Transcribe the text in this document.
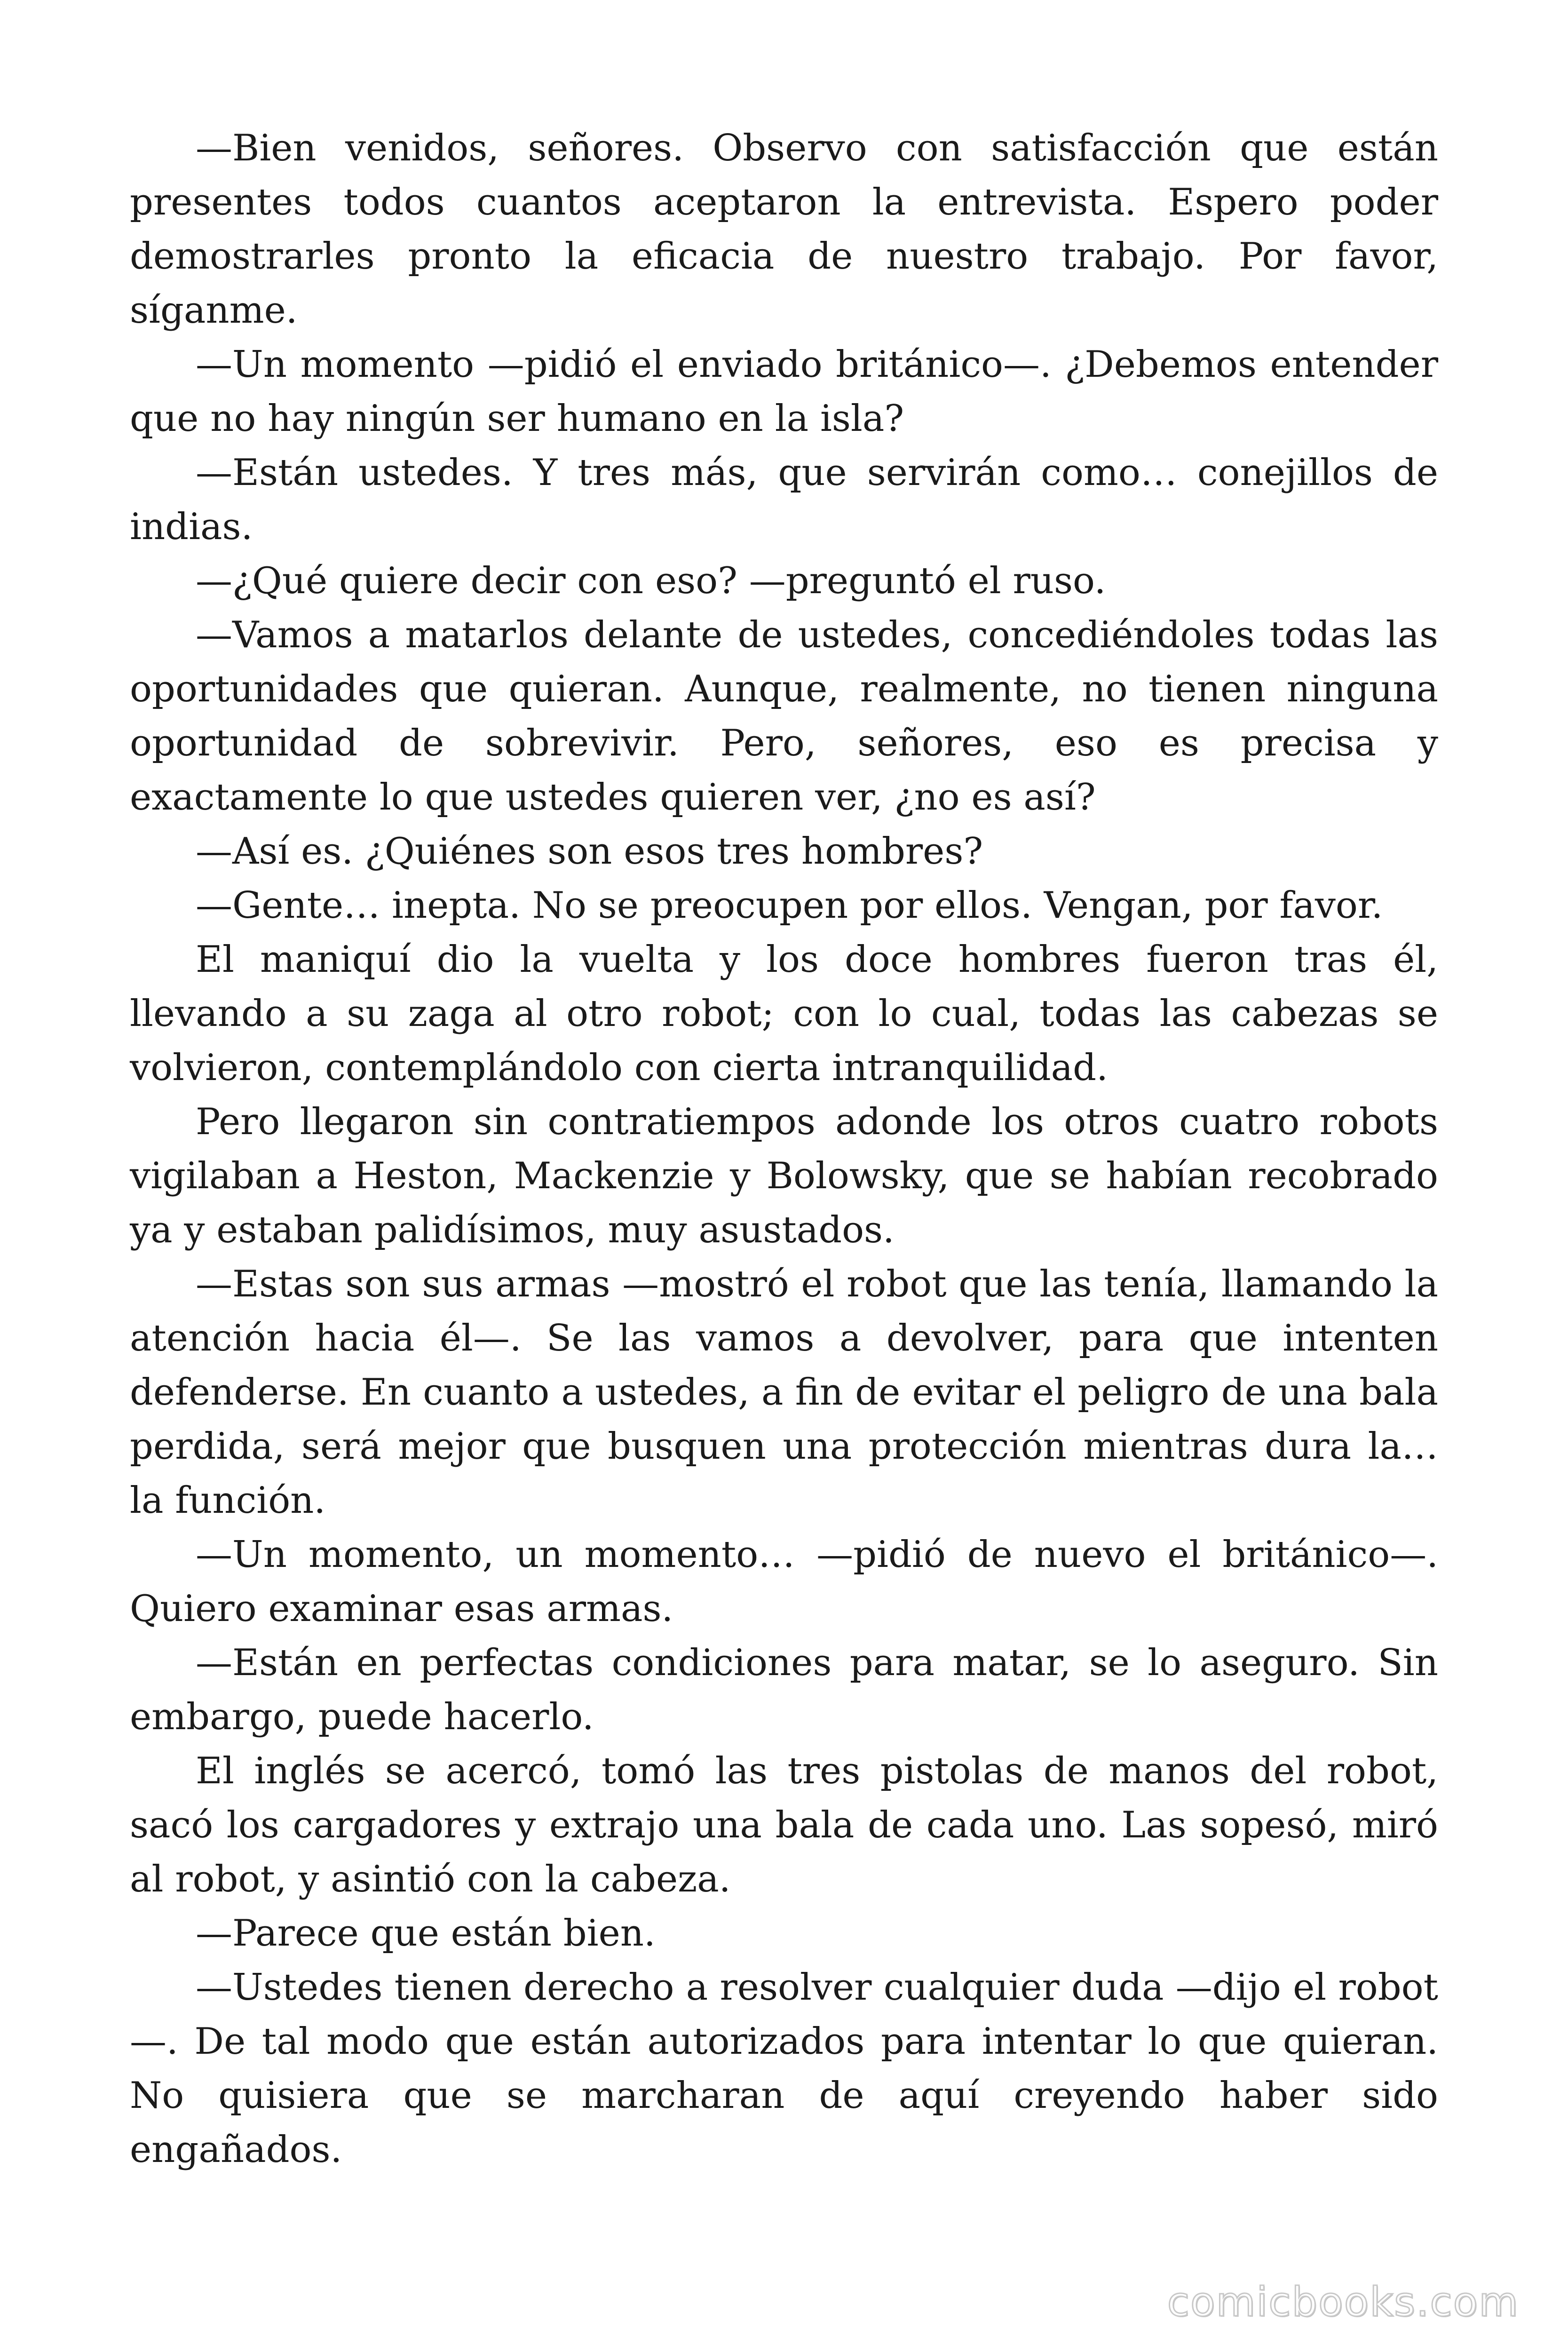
—Bien venidos, señores. Observo con satisfacción que están presentes todos cuantos aceptaron la entrevista. Espero poder demostrarles pronto la eficacia de nuestro trabajo. Por favor, síganme.

—Un momento —pidió el enviado británico—. ¿Debemos entender que no hay ningún ser humano en la isla?

—Están ustedes. Y tres más, que servirán como… conejillos de indias.

—¿Qué quiere decir con eso? —preguntó el ruso.

—Vamos a matarlos delante de ustedes, concediéndoles todas las oportunidades que quieran. Aunque, realmente, no tienen ninguna oportunidad de sobrevivir. Pero, señores, eso es precisa y exactamente lo que ustedes quieren ver, ¿no es así?

—Así es. ¿Quiénes son esos tres hombres?

—Gente… inepta. No se preocupen por ellos. Vengan, por favor.

El maniquí dio la vuelta y los doce hombres fueron tras él, llevando a su zaga al otro robot; con lo cual, todas las cabezas se volvieron, contemplándolo con cierta intranquilidad.

Pero llegaron sin contratiempos adonde los otros cuatro robots vigilaban a Heston, Mackenzie y Bolowsky, que se habían recobrado ya y estaban palidísimos, muy asustados.

—Estas son sus armas —mostró el robot que las tenía, llamando la atención hacia él—. Se las vamos a devolver, para que intenten defenderse. En cuanto a ustedes, a fin de evitar el peligro de una bala perdida, será mejor que busquen una protección mientras dura la… la función.

—Un momento, un momento… —pidió de nuevo el británico—. Quiero examinar esas armas.

—Están en perfectas condiciones para matar, se lo aseguro. Sin embargo, puede hacerlo.

El inglés se acercó, tomó las tres pistolas de manos del robot, sacó los cargadores y extrajo una bala de cada uno. Las sopesó, miró al robot, y asintió con la cabeza.

—Parece que están bien.

—Ustedes tienen derecho a resolver cualquier duda —dijo el robot—. De tal modo que están autorizados para intentar lo que quieran. No quisiera que se marcharan de aquí creyendo haber sido engañados.

comicbooks.com
